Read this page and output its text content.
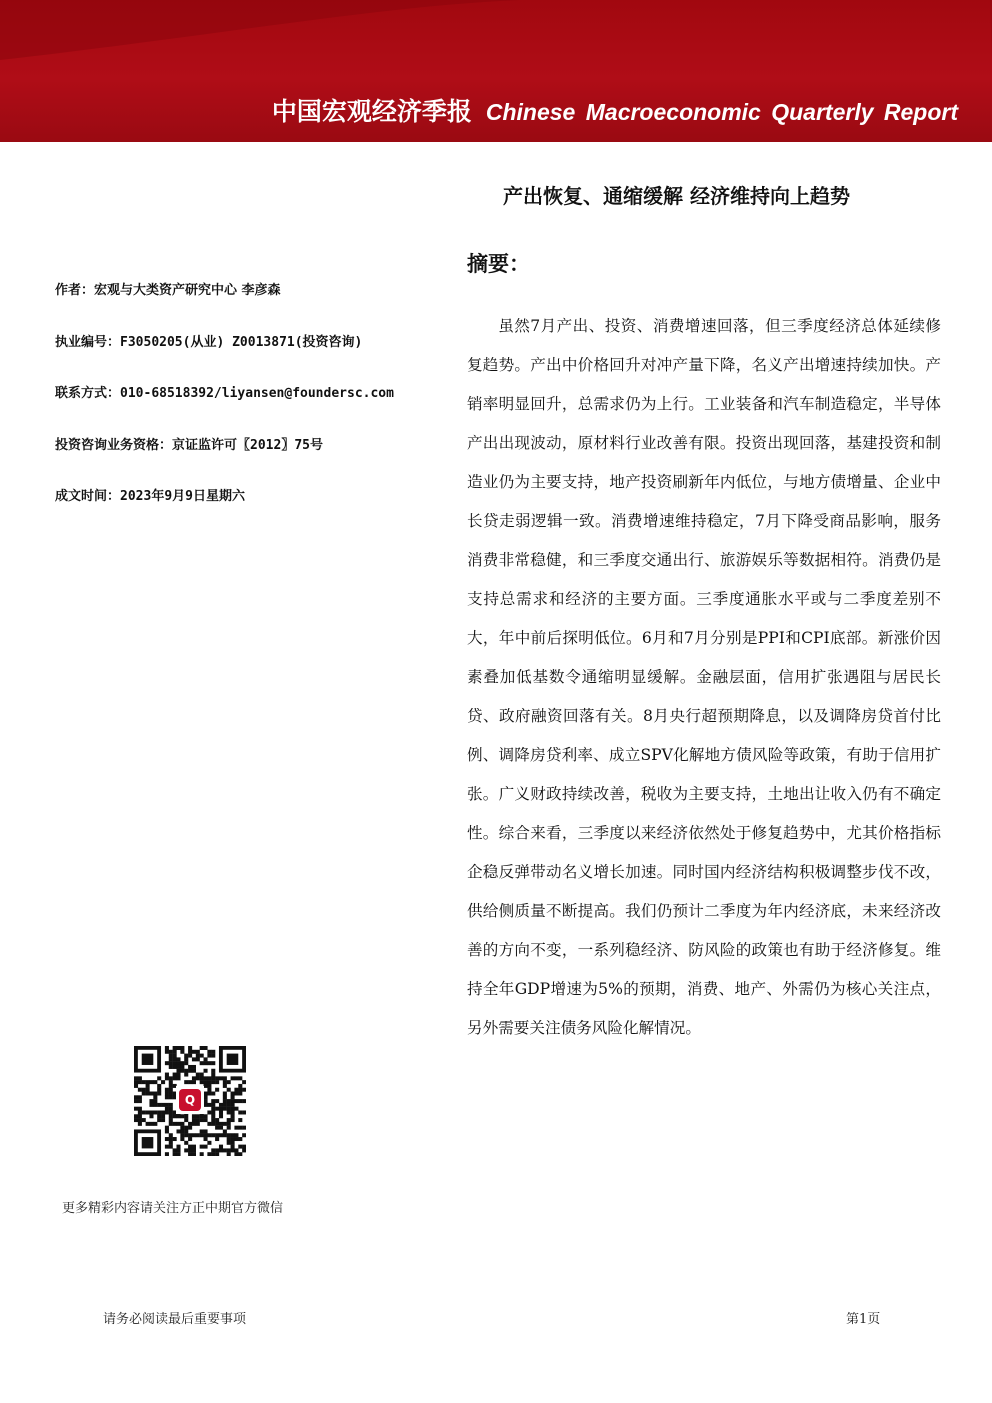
中国宏观经济季报 Chinese Macroeconomic Quarterly Report
产出恢复、通缩缓解 经济维持向上趋势
摘要：
作者：宏观与大类资产研究中心 李彦森
执业编号：F3050205(从业) Z0013871(投资咨询)
联系方式：010-68518392/liyansen@foundersc.com
投资咨询业务资格：京证监许可〖2012〗75号
成文时间：2023年9月9日星期六

虽然7月产出、投资、消费增速回落，但三季度经济总体延续修复趋势。产出中价格回升对冲产量下降，名义产出增速持续加快。产销率明显回升，总需求仍为上行。工业装备和汽车制造稳定，半导体产出出现波动，原材料行业改善有限。投资出现回落，基建投资和制造业仍为主要支持，地产投资刷新年内低位，与地方债增量、企业中长贷走弱逻辑一致。消费增速维持稳定，7月下降受商品影响，服务消费非常稳健，和三季度交通出行、旅游娱乐等数据相符。消费仍是支持总需求和经济的主要方面。三季度通胀水平或与二季度差别不大，年中前后探明低位。6月和7月分别是PPI和CPI底部。新涨价因素叠加低基数令通缩明显缓解。金融层面，信用扩张遇阻与居民长贷、政府融资回落有关。8月央行超预期降息，以及调降房贷首付比例、调降房贷利率、成立SPV化解地方债风险等政策，有助于信用扩张。广义财政持续改善，税收为主要支持，土地出让收入仍有不确定性。综合来看，三季度以来经济依然处于修复趋势中，尤其价格指标企稳反弹带动名义增长加速。同时国内经济结构积极调整步伐不改，供给侧质量不断提高。我们仍预计二季度为年内经济底，未来经济改善的方向不变，一系列稳经济、防风险的政策也有助于经济修复。维持全年GDP增速为5%的预期，消费、地产、外需仍为核心关注点，另外需要关注债务风险化解情况。

Q
更多精彩内容请关注方正中期官方微信
请务必阅读最后重要事项	第1页
